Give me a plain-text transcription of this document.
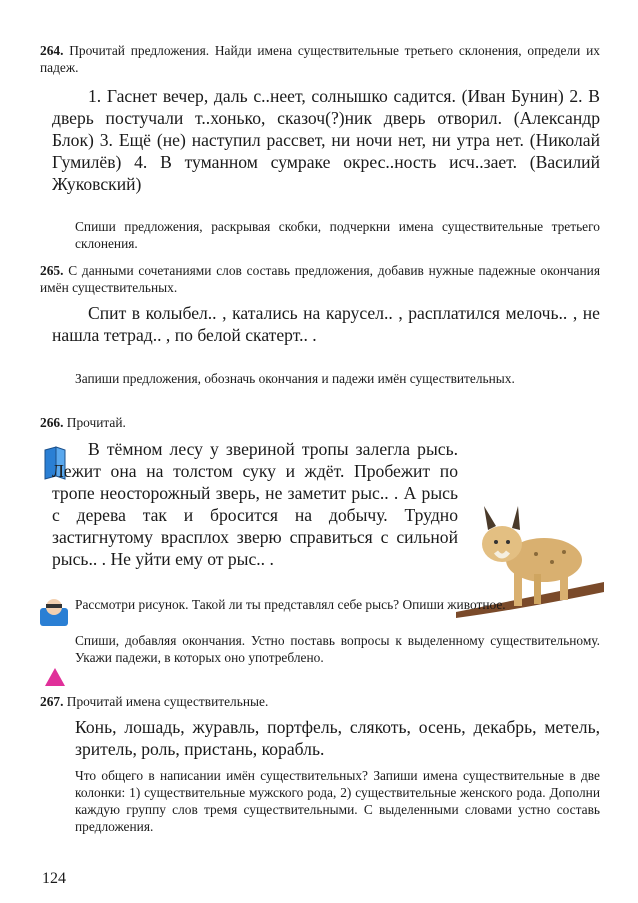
264. Прочитай предложения. Найди имена существительные третьего склонения, определи их падеж.
1. Гаснет вечер, даль с..неет, солнышко садится. (Иван Бунин) 2. В дверь постучали т..хонько, сказоч(?)ник дверь отворил. (Александр Блок) 3. Ещё (не) наступил рассвет, ни ночи нет, ни утра нет. (Николай Гумилёв) 4. В туманном сумраке окрес..ность исч..зает. (Василий Жуковский)
Спиши предложения, раскрывая скобки, подчеркни имена существительные третьего склонения.
265. С данными сочетаниями слов составь предложения, добавив нужные падежные окончания имён существительных.
Спит в колыбел.. , катались на карусел.. , расплатился мелочь.. , не нашла тетрад.. , по белой скатерт.. .
Запиши предложения, обозначь окончания и падежи имён существительных.
266. Прочитай.
В тёмном лесу у звериной тропы залегла рысь. Лежит она на толстом суку и ждёт. Пробежит по тропе неосторожный зверь, не заметит рыс.. . А рысь с дерева так и бросится на добычу. Трудно застигнутому врасплох зверю справиться с сильной рысь.. . Не уйти ему от рыс.. .
Рассмотри рисунок. Такой ли ты представлял себе рысь? Опиши животное.
Спиши, добавляя окончания. Устно поставь вопросы к выделенному существительному. Укажи падежи, в которых оно употреблено.
267. Прочитай имена существительные.
Конь, лошадь, журавль, портфель, слякоть, осень, декабрь, метель, зритель, роль, пристань, корабль.
Что общего в написании имён существительных? Запиши имена существительные в две колонки: 1) существительные мужского рода, 2) существительные женского рода. Дополни каждую группу слов тремя существительными. С выделенными словами устно составь предложения.
124
